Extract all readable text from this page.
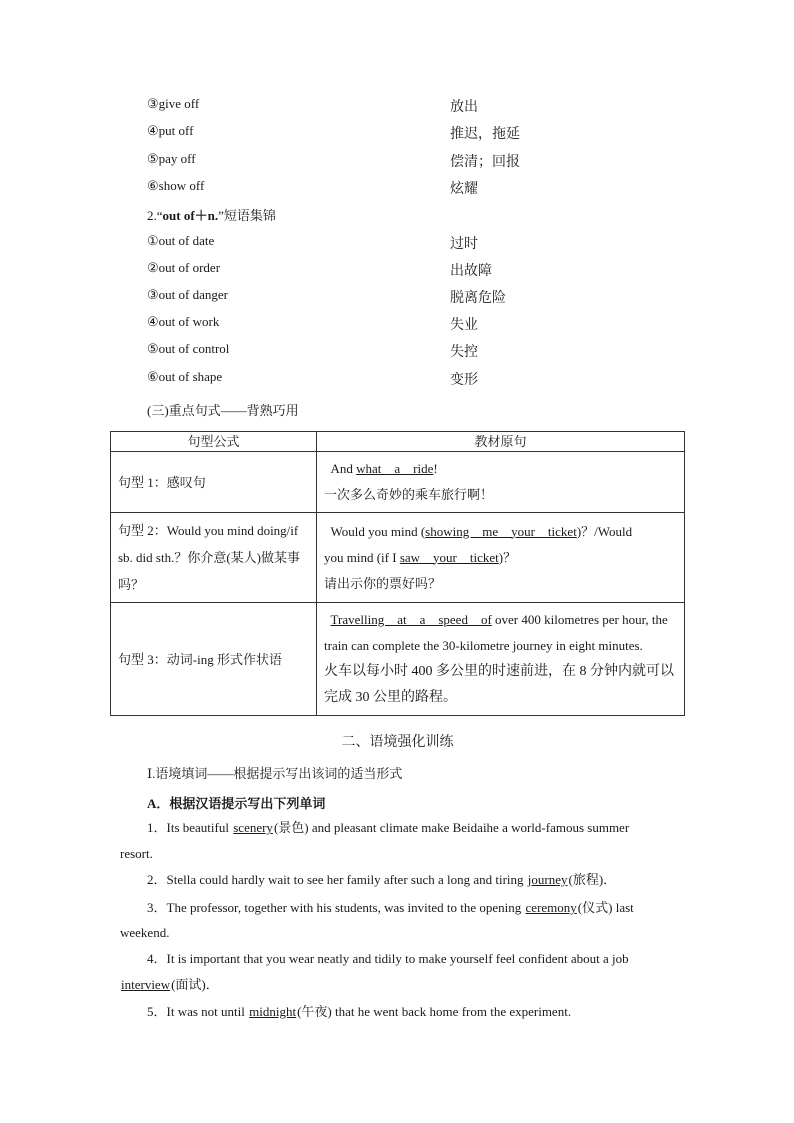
③give off	放出
④put off	推迟，拖延
⑤pay off	偿清；回报
⑥show off	炫耀
2.“out of＋n.”短语集锦
①out of date	过时
②out of order	出故障
③out of danger	脱离危险
④out of work	失业
⑤out of control	失控
⑥out of shape	变形
(三)重点句式——背熟巧用
句型公式	教材原句
句型 1：感叹句	And what　a　ride!
一次多么奇妙的乘车旅行啊！

句型 2：Would you mind doing/if sb. did sth.？你介意(某人)做某事吗？	Would you mind (showing　me　your　ticket)？/Would
you mind (if I saw　your　ticket)？
请出示你的票好吗？

句型 3：动词-ing 形式作状语	Travelling　at　a　speed　of over 400 kilometres per hour, the train can complete the 30-kilometre journey in eight minutes.
火车以每小时 400 多公里的时速前进，在 8 分钟内就可以完成 30 公里的路程。
二、语境强化训练
Ⅰ.语境填词——根据提示写出该词的适当形式
A．根据汉语提示写出下列单词
1．Its beautiful scenery(景色) and pleasant climate make Beidaihe a world-famous summer
resort.
2．Stella could hardly wait to see her family after such a long and tiring journey(旅程)．
3．The professor, together with his students, was invited to the opening ceremony(仪式) last
weekend.
4．It is important that you wear neatly and tidily to make yourself feel confident about a job
interview(面试)．
5．It was not until midnight(午夜) that he went back home from the experiment.
